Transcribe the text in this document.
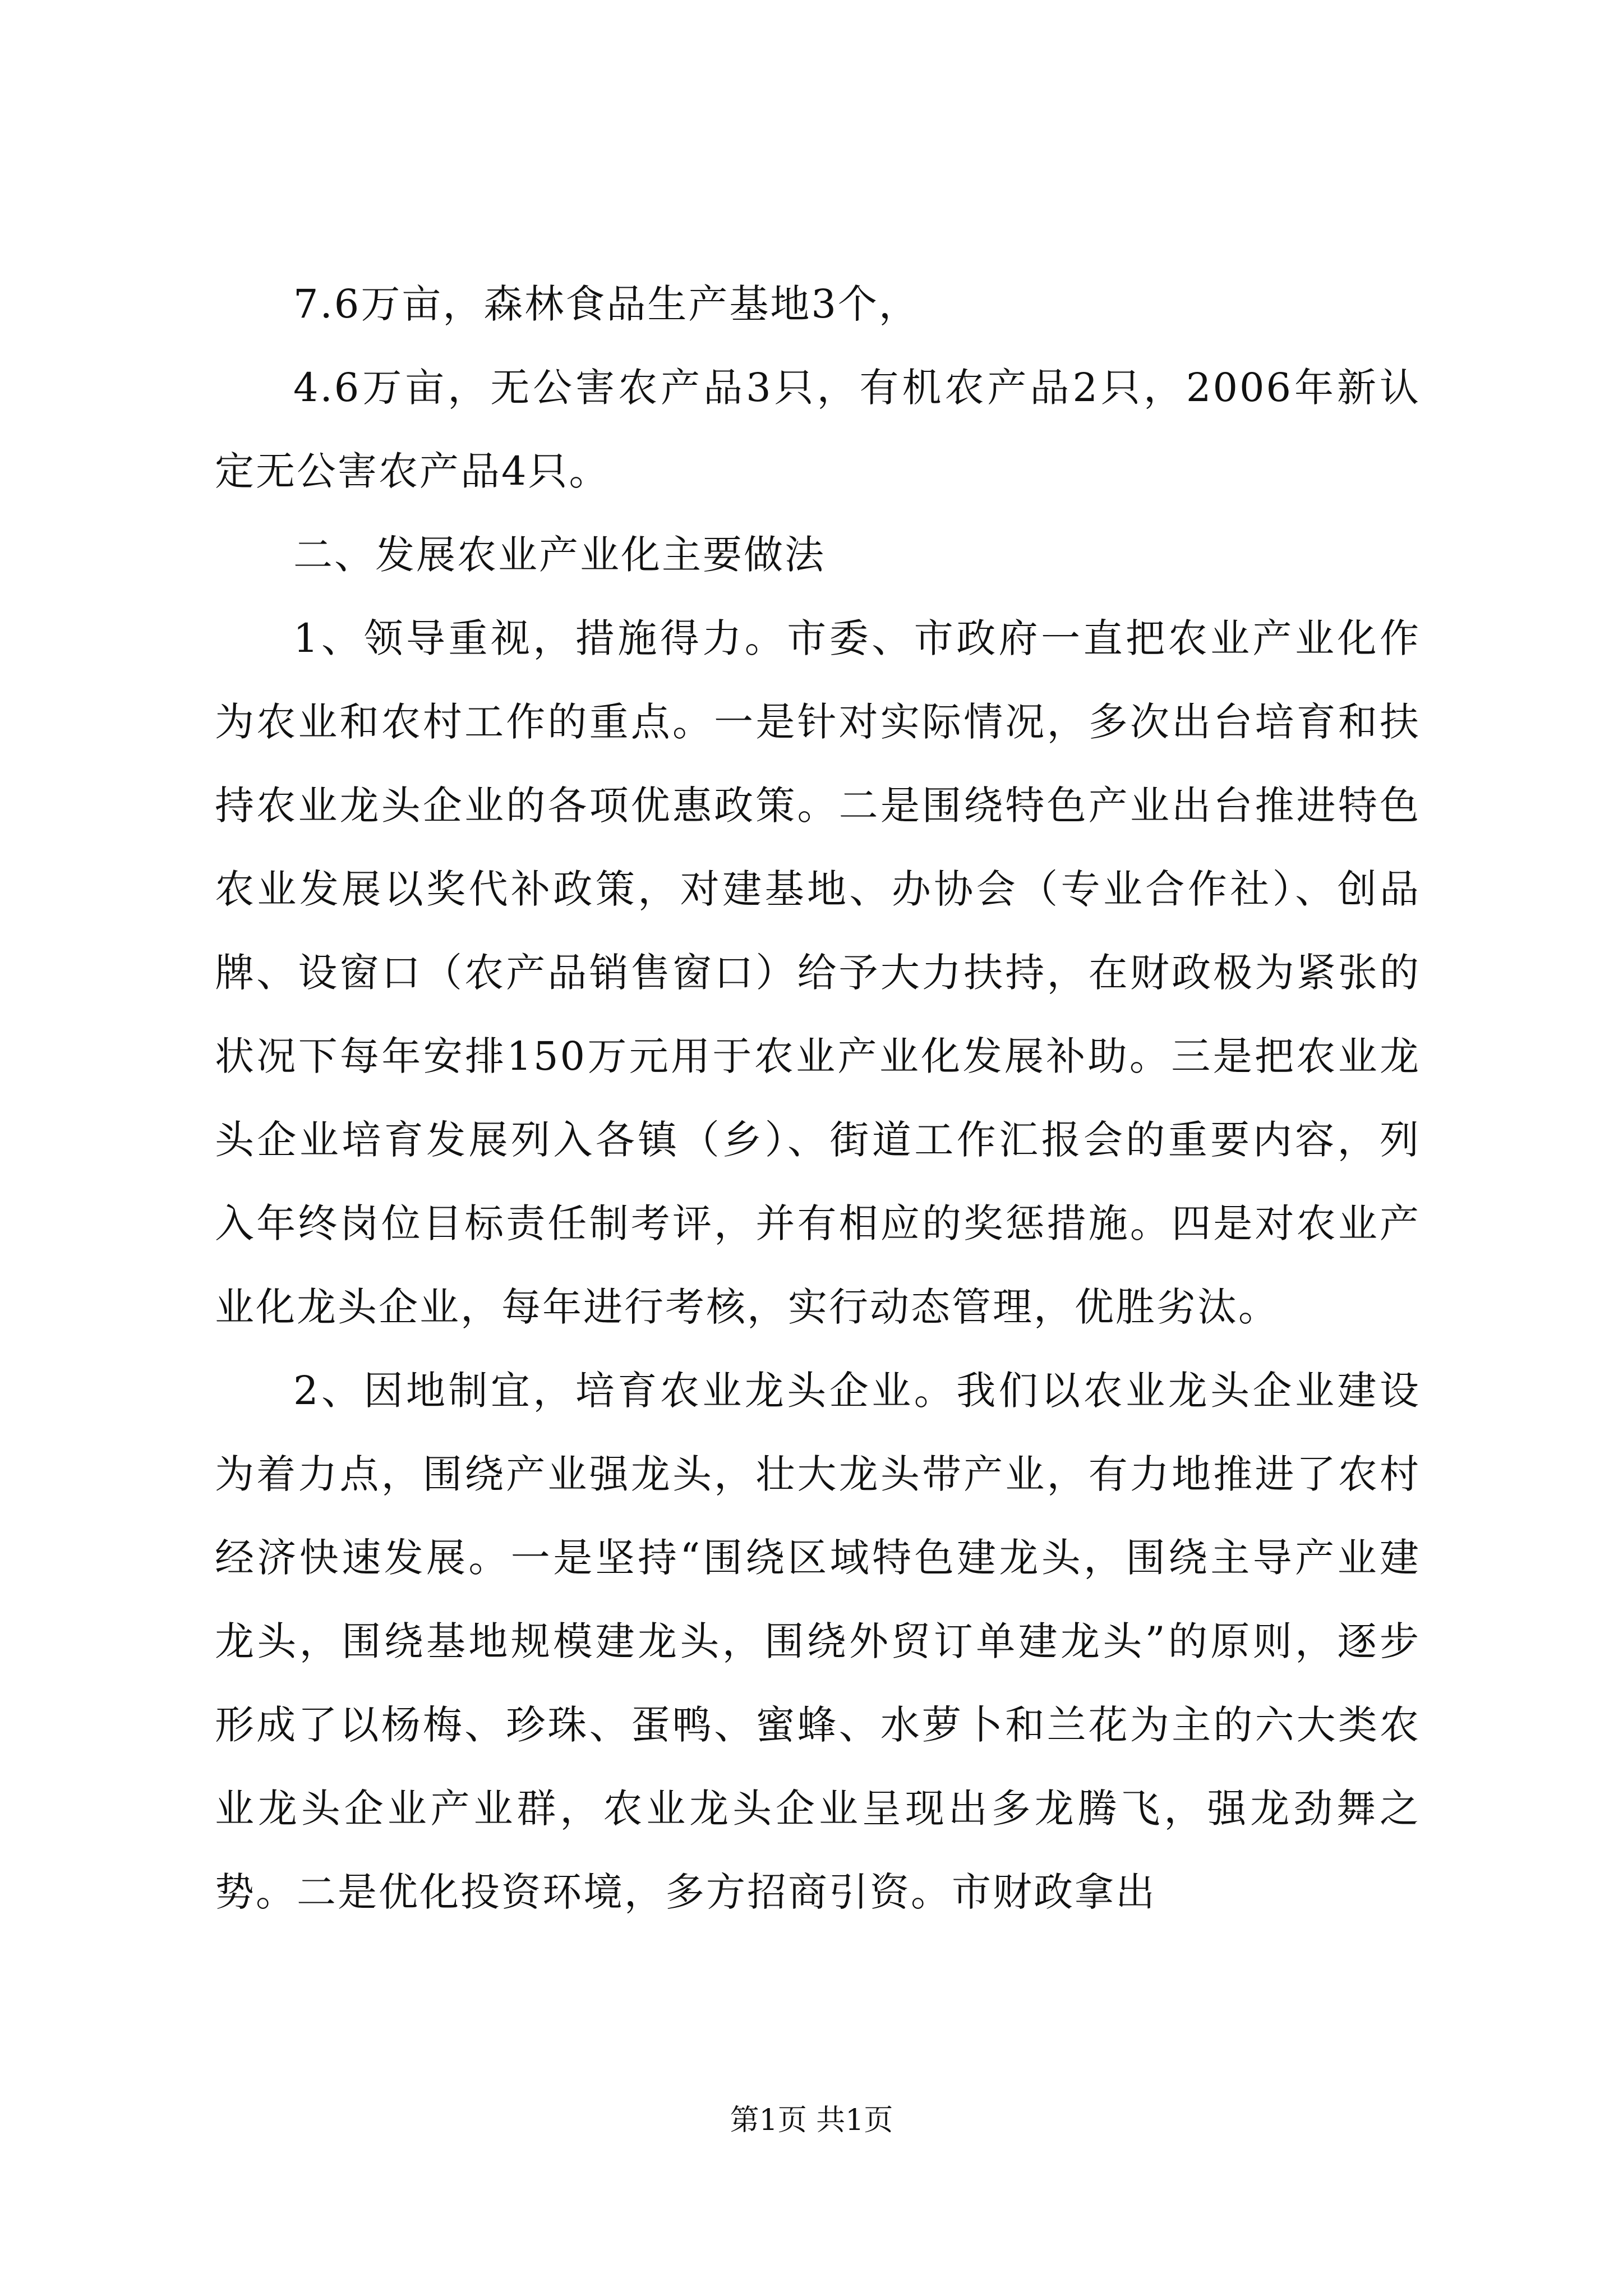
7.6万亩，森林食品生产基地3个，

4.6万亩，无公害农产品3只，有机农产品2只，2006年新认定无公害农产品4只。

二、发展农业产业化主要做法

1、领导重视，措施得力。市委、市政府一直把农业产业化作为农业和农村工作的重点。一是针对实际情况，多次出台培育和扶持农业龙头企业的各项优惠政策。二是围绕特色产业出台推进特色农业发展以奖代补政策，对建基地、办协会（专业合作社）、创品牌、设窗口（农产品销售窗口）给予大力扶持，在财政极为紧张的状况下每年安排150万元用于农业产业化发展补助。三是把农业龙头企业培育发展列入各镇（乡）、街道工作汇报会的重要内容，列入年终岗位目标责任制考评，并有相应的奖惩措施。四是对农业产业化龙头企业，每年进行考核，实行动态管理，优胜劣汰。

2、因地制宜，培育农业龙头企业。我们以农业龙头企业建设为着力点，围绕产业强龙头，壮大龙头带产业，有力地推进了农村经济快速发展。一是坚持“围绕区域特色建龙头，围绕主导产业建龙头，围绕基地规模建龙头，围绕外贸订单建龙头”的原则，逐步形成了以杨梅、珍珠、蛋鸭、蜜蜂、水萝卜和兰花为主的六大类农业龙头企业产业群，农业龙头企业呈现出多龙腾飞，强龙劲舞之势。二是优化投资环境，多方招商引资。市财政拿出

第1页 共1页
